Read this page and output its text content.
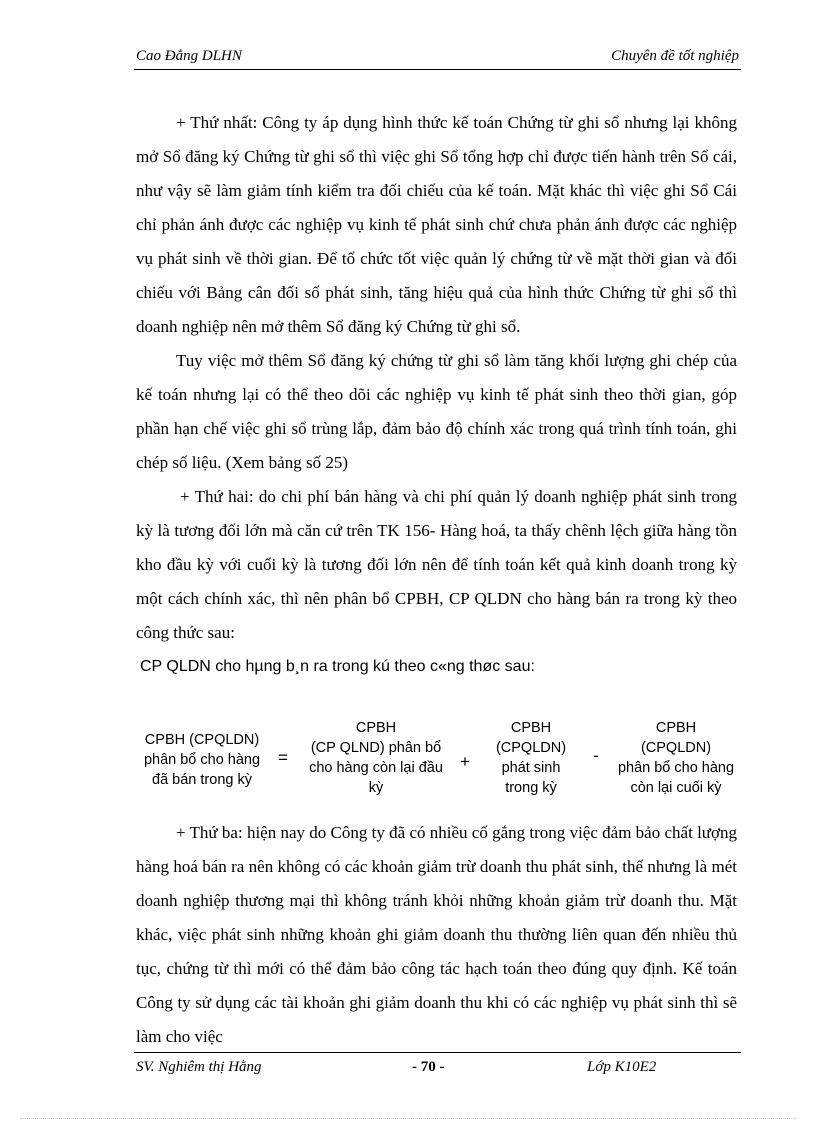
Cao Đẳng DLHN	Chuyên đề tốt nghiệp

+ Thứ nhất: Công ty áp dụng hình thức kế toán Chứng từ ghi sổ nhưng lại không mở Sổ đăng ký Chứng từ ghi sổ thì việc ghi Sổ tổng hợp chỉ được tiến hành trên Sổ cái, như vậy sẽ làm giảm tính kiểm tra đối chiếu của kế toán. Mặt khác thì việc ghi Sổ Cái chỉ phản ánh được các nghiệp vụ kinh tế phát sinh chứ chưa phản ánh được các nghiệp vụ phát sinh về thời gian. Để tổ chức tốt việc quản lý chứng từ về mặt thời gian và đối chiếu với Bảng cân đối số phát sinh, tăng hiệu quả của hình thức Chứng từ ghi sổ thì doanh nghiệp nên mở thêm Sổ đăng ký Chứng từ ghi sổ.

Tuy việc mở thêm Sổ đăng ký chứng từ ghi sổ làm tăng khối lượng ghi chép của kế toán nhưng lại có thể theo dõi các nghiệp vụ kinh tế phát sinh theo thời gian, góp phần hạn chế việc ghi sổ trùng lắp, đảm bảo độ chính xác trong quá trình tính toán, ghi chép số liệu. (Xem bảng số 25)

+ Thứ hai: do chi phí bán hàng và chi phí quản lý doanh nghiệp phát sinh trong kỳ là tương đối lớn mà căn cứ trên TK 156- Hàng hoá, ta thấy chênh lệch giữa hàng tồn kho đầu kỳ với cuối kỳ là tương đối lớn nên để tính toán kết quả kinh doanh trong kỳ một cách chính xác, thì nên phân bổ CPBH, CP QLDN cho hàng bán ra trong kỳ theo công thức sau:

CP QLDN cho hµng b¸n ra trong kú theo c«ng thøc sau:

CPBH (CPQLDN)
phân bổ cho hàng
đã bán trong kỳ
=
CPBH
(CP QLND) phân bổ
cho hàng còn lại đầu
kỳ
+
CPBH
(CPQLDN)
phát sinh
trong kỳ
-
CPBH
(CPQLDN)
phân bổ cho hàng
còn lại cuối kỳ

+ Thứ ba: hiện nay do Công ty đã có nhiều cố gắng trong việc đảm bảo chất lượng hàng hoá bán ra nên không có các khoản giảm trừ doanh thu phát sinh, thế nhưng là mét doanh nghiệp thương mại thì không tránh khỏi những khoản giảm trừ doanh thu. Mặt khác, việc phát sinh những khoản ghi giảm doanh thu thường liên quan đến nhiều thủ tục, chứng từ thì mới có thể đảm bảo công tác hạch toán theo đúng quy định. Kế toán Công ty sử dụng các tài khoản ghi giảm doanh thu khi có các nghiệp vụ phát sinh thì sẽ làm cho việc

SV. Nghiêm thị Hằng	- 70 -	Lớp K10E2
